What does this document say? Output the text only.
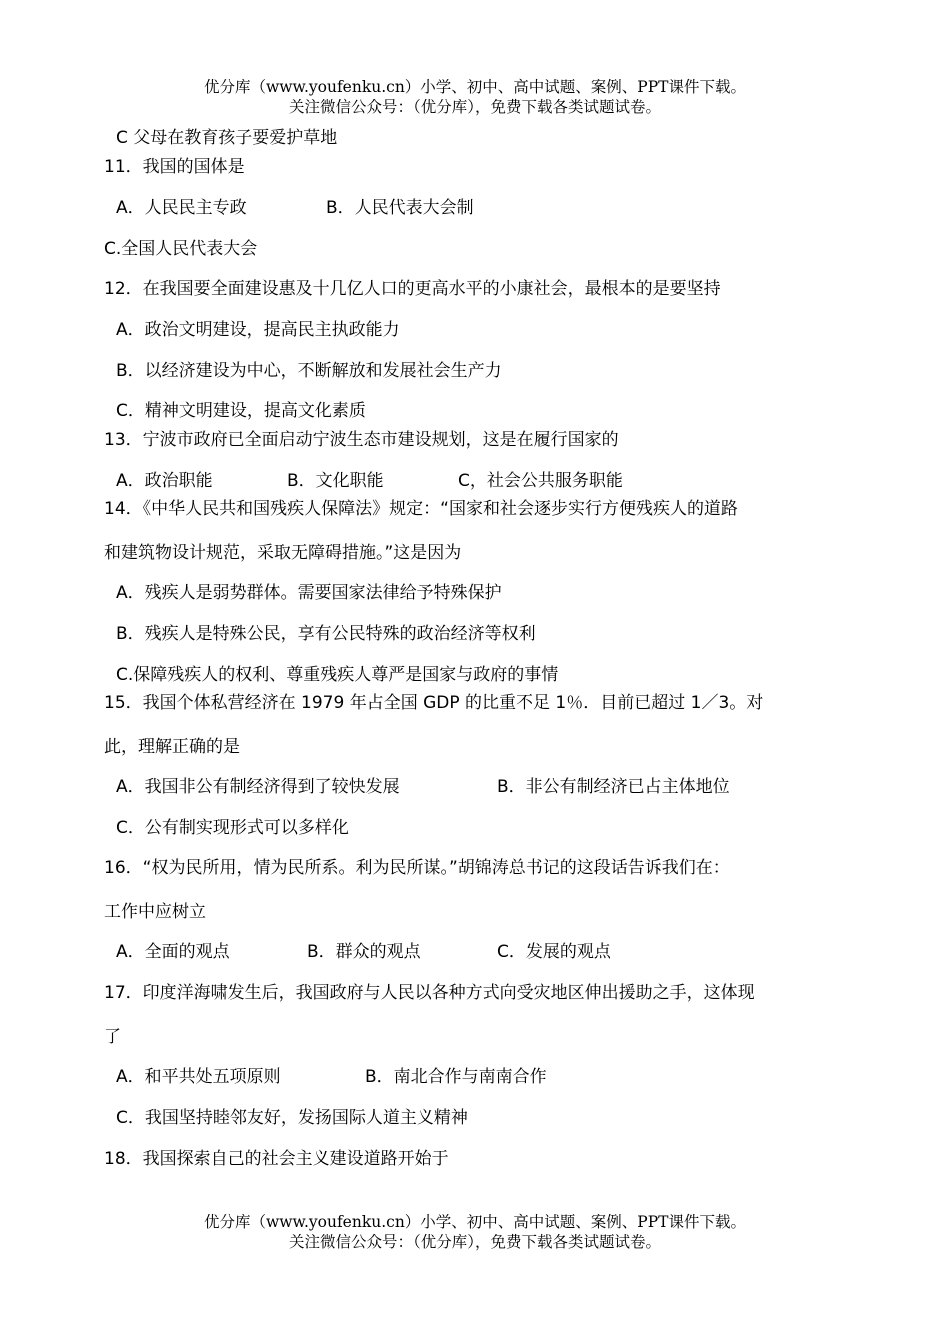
优分库（www.youfenku.cn）小学、初中、高中试题、案例、PPT课件下载。
关注微信公众号：（优分库），免费下载各类试题试卷。
C 父母在教育孩子要爱护草地
11．我国的国体是
A．人民民主专政	B．人民代表大会制
C.全国人民代表大会
12．在我国要全面建设惠及十几亿人口的更高水平的小康社会，最根本的是要坚持
A．政治文明建设，提高民主执政能力
B．以经济建设为中心，不断解放和发展社会生产力
C．精神文明建设，提高文化素质
13．宁波市政府已全面启动宁波生态市建设规划，这是在履行国家的
A．政治职能	B．文化职能	C，社会公共服务职能
14．《中华人民共和国残疾人保障法》规定：“国家和社会逐步实行方便残疾人的道路
和建筑物设计规范，采取无障碍措施。”这是因为
A．残疾人是弱势群体。需要国家法律给予特殊保护
B．残疾人是特殊公民，享有公民特殊的政治经济等权利
C.保障残疾人的权利、尊重残疾人尊严是国家与政府的事情
15．我国个体私营经济在 1979 年占全国 GDP 的比重不足 1％．目前已超过 1／3。对
此，理解正确的是
A．我国非公有制经济得到了较快发展	B．非公有制经济已占主体地位
C．公有制实现形式可以多样化
16．“权为民所用，情为民所系。利为民所谋。”胡锦涛总书记的这段话告诉我们在：
工作中应树立
A．全面的观点	B．群众的观点	C．发展的观点
17．印度洋海啸发生后，我国政府与人民以各种方式向受灾地区伸出援助之手，这体现
了
A．和平共处五项原则	B．南北合作与南南合作
C．我国坚持睦邻友好，发扬国际人道主义精神
18．我国探索自己的社会主义建设道路开始于
优分库（www.youfenku.cn）小学、初中、高中试题、案例、PPT课件下载。
关注微信公众号：（优分库），免费下载各类试题试卷。
